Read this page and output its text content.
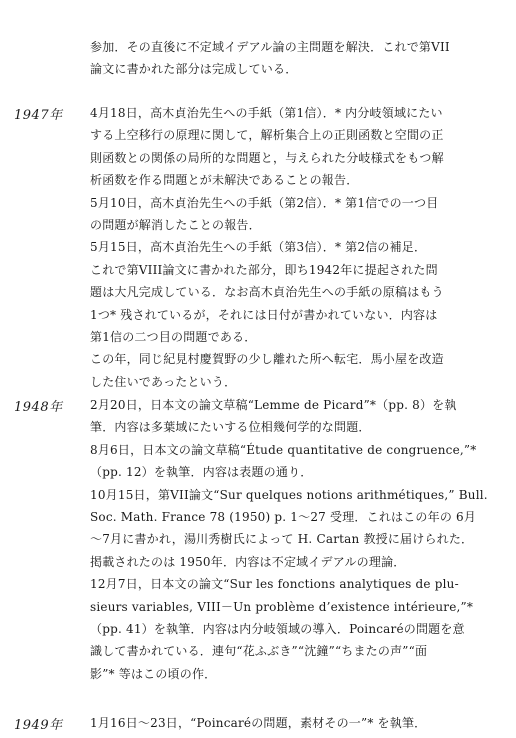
参加．その直後に不定域イデアル論の主問題を解決．これで第VII
論文に書かれた部分は完成している．
1947年 4月18日，高木貞治先生への手紙（第1信）．* 内分岐領域にたい
する上空移行の原理に関して，解析集合上の正則函数と空間の正
則函数との関係の局所的な問題と，与えられた分岐様式をもつ解
析函数を作る問題とが未解決であることの報告．
5月10日，高木貞治先生への手紙（第2信）．* 第1信での一つ目
の問題が解消したことの報告．
5月15日，高木貞治先生への手紙（第3信）．* 第2信の補足．
これで第VIII論文に書かれた部分，即ち1942年に提起された問
題は大凡完成している．なお高木貞治先生への手紙の原稿はもう
1つ* 残されているが，それには日付が書かれていない．内容は
第1信の二つ目の問題である．
この年，同じ紀見村慶賀野の少し離れた所へ転宅．馬小屋を改造
した住いであったという．
1948年 2月20日，日本文の論文草稿“Lemme de Picard”*（pp. 8）を執
筆．内容は多葉域にたいする位相幾何学的な問題．
8月6日，日本文の論文草稿“Étude quantitative de congruence,”*
（pp. 12）を執筆．内容は表題の通り．
10月15日，第VII論文“Sur quelques notions arithmétiques,” Bull.
Soc. Math. France 78 (1950) p. 1～27 受理．これはこの年の 6月
～7月に書かれ，湯川秀樹氏によって H. Cartan 教授に届けられた．
掲載されたのは 1950年．内容は不定域イデアルの理論．
12月7日，日本文の論文“Sur les fonctions analytiques de plu-
sieurs variables, VIII－Un problème d’existence intérieure,”*
（pp. 41）を執筆．内容は内分岐領域の導入．Poincaréの問題を意
識して書かれている．連句“花ふぶき”“沈鐘”“ちまたの声”“面
影”* 等はこの頃の作．
1949年 1月16日～23日，“Poincaréの問題，素材その一”* を執筆．
